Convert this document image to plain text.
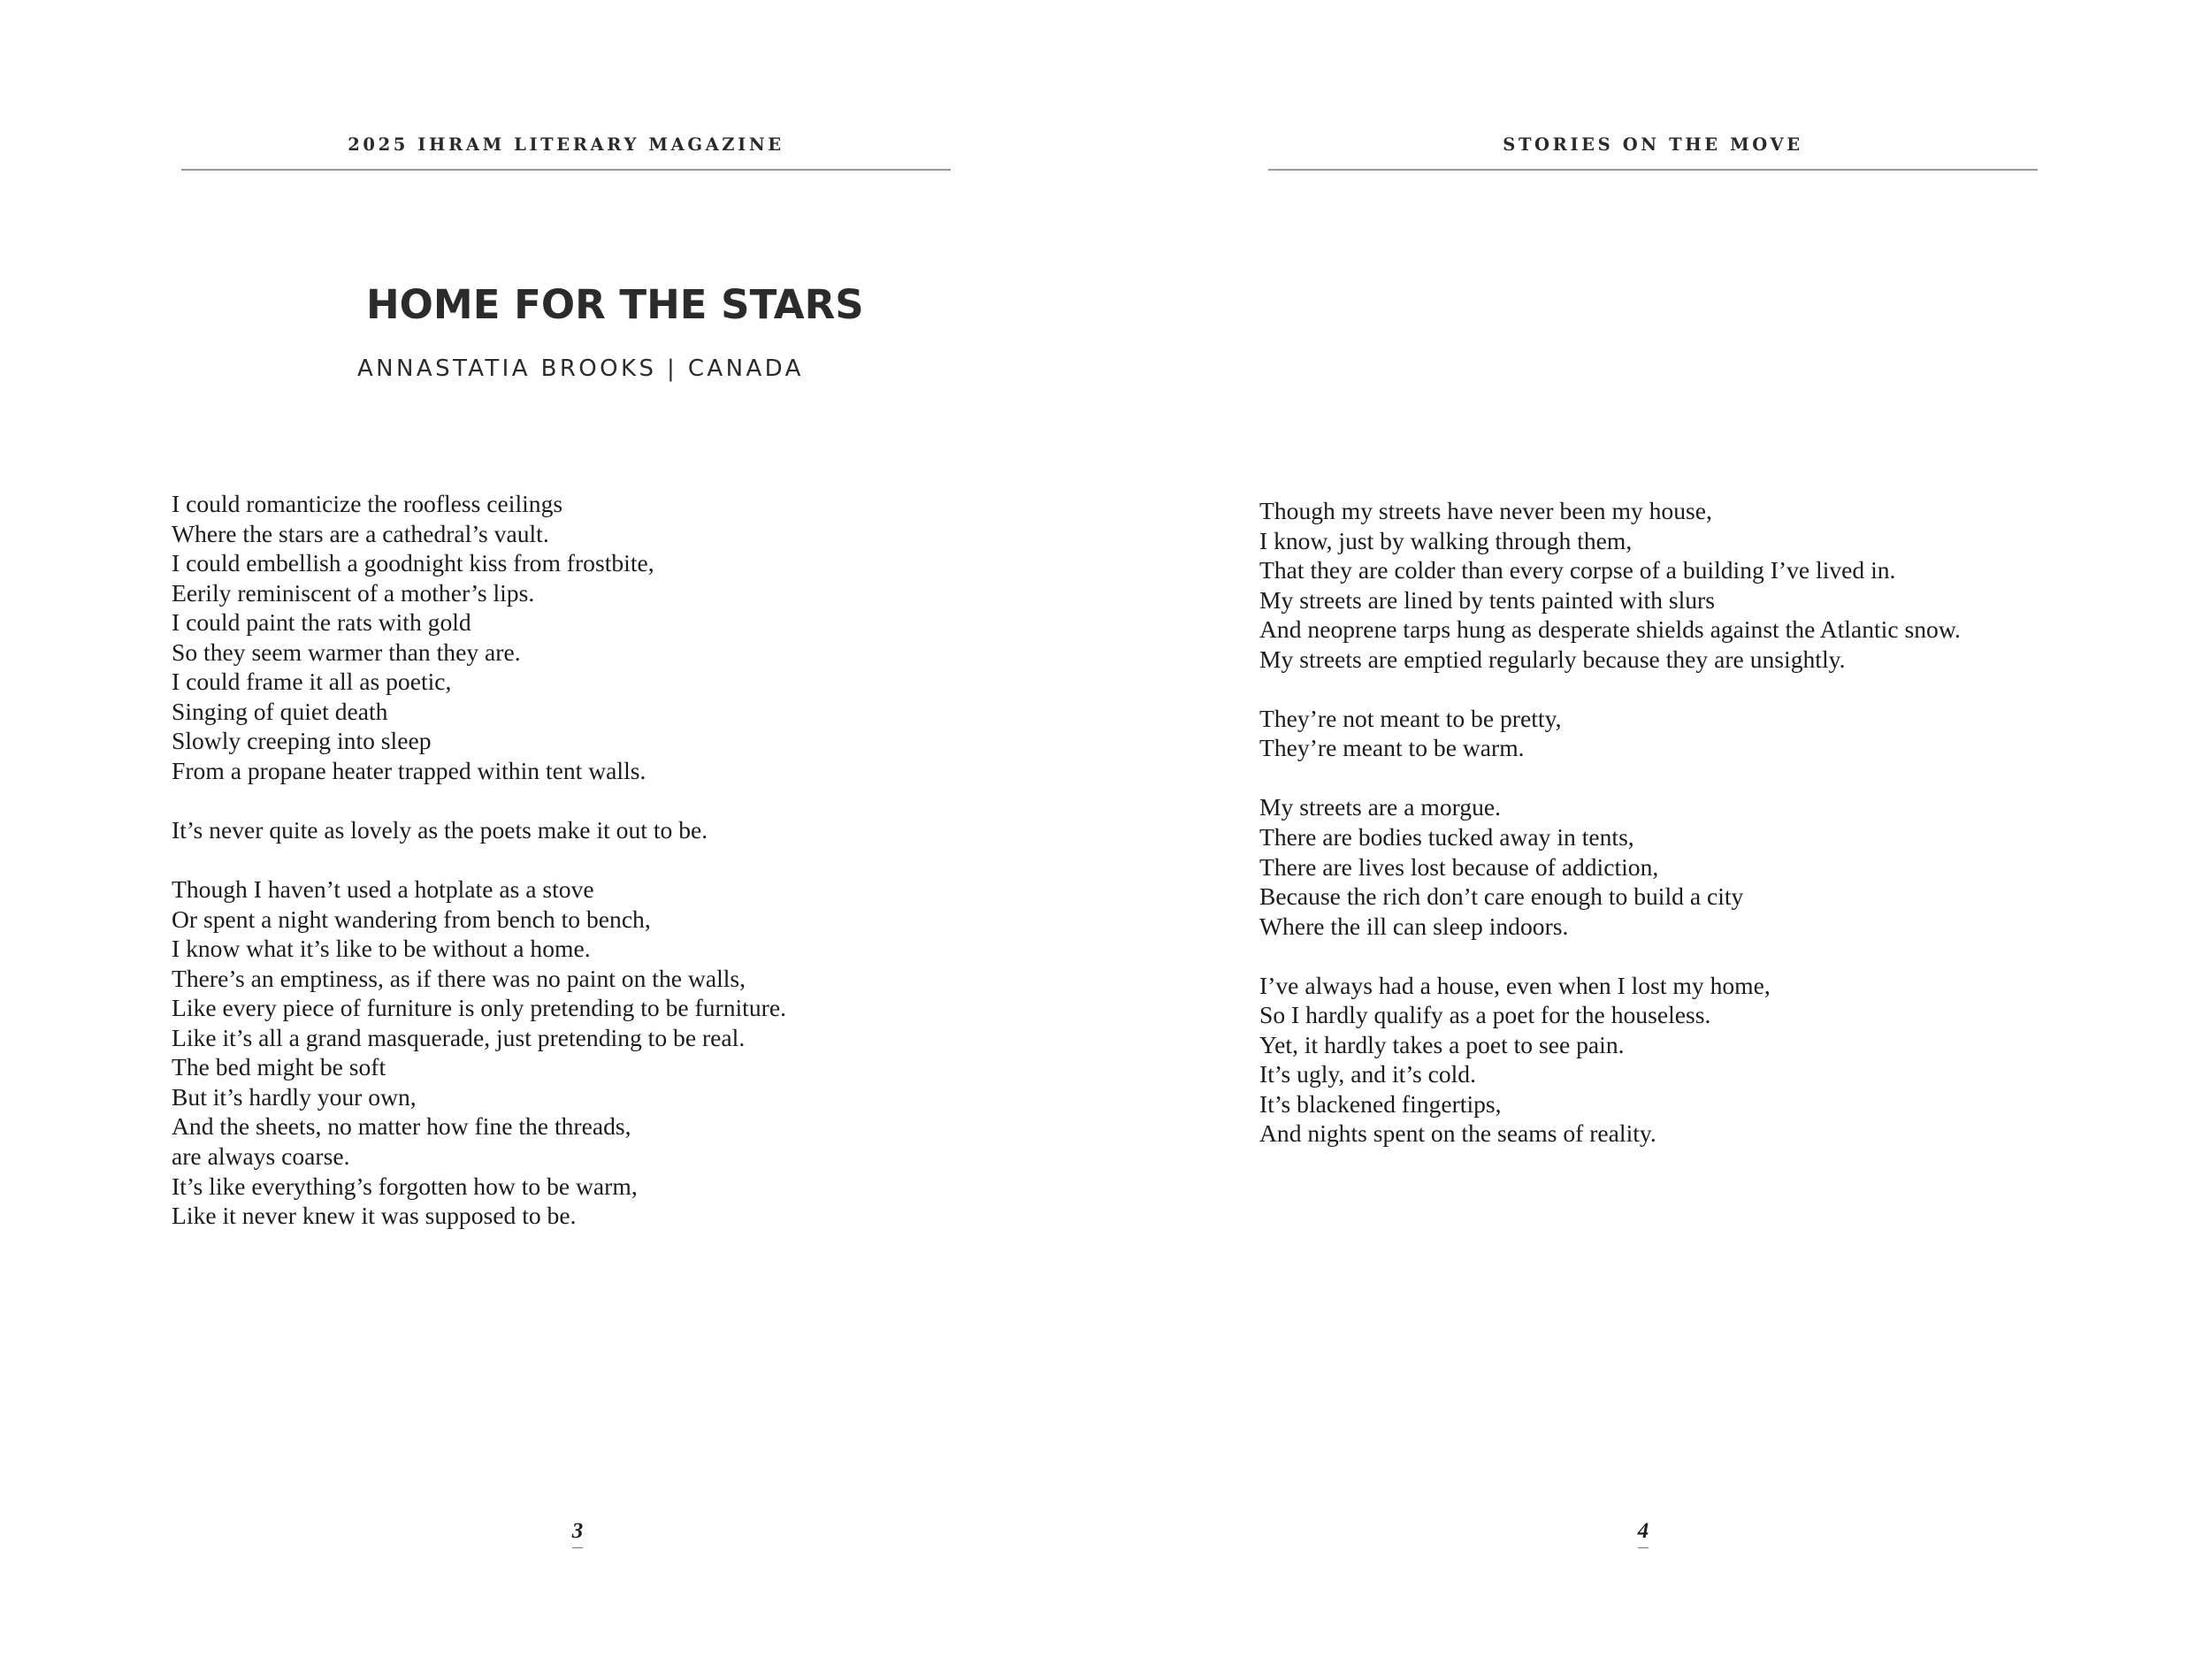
2025 IHRAM LITERARY MAGAZINE
HOME FOR THE STARS
ANNASTATIA BROOKS | CANADA
I could romanticize the roofless ceilings
Where the stars are a cathedral’s vault.
I could embellish a goodnight kiss from frostbite,
Eerily reminiscent of a mother’s lips.
I could paint the rats with gold
So they seem warmer than they are.
I could frame it all as poetic,
Singing of quiet death
Slowly creeping into sleep
From a propane heater trapped within tent walls.
It’s never quite as lovely as the poets make it out to be.
Though I haven’t used a hotplate as a stove
Or spent a night wandering from bench to bench,
I know what it’s like to be without a home.
There’s an emptiness, as if there was no paint on the walls,
Like every piece of furniture is only pretending to be furniture.
Like it’s all a grand masquerade, just pretending to be real.
The bed might be soft
But it’s hardly your own,
And the sheets, no matter how fine the threads,
are always coarse.
It’s like everything’s forgotten how to be warm,
Like it never knew it was supposed to be.
3
STORIES ON THE MOVE
Though my streets have never been my house,
I know, just by walking through them,
That they are colder than every corpse of a building I’ve lived in.
My streets are lined by tents painted with slurs
And neoprene tarps hung as desperate shields against the Atlantic snow.
My streets are emptied regularly because they are unsightly.
They’re not meant to be pretty,
They’re meant to be warm.
My streets are a morgue.
There are bodies tucked away in tents,
There are lives lost because of addiction,
Because the rich don’t care enough to build a city
Where the ill can sleep indoors.
I’ve always had a house, even when I lost my home,
So I hardly qualify as a poet for the houseless.
Yet, it hardly takes a poet to see pain.
It’s ugly, and it’s cold.
It’s blackened fingertips,
And nights spent on the seams of reality.
4
